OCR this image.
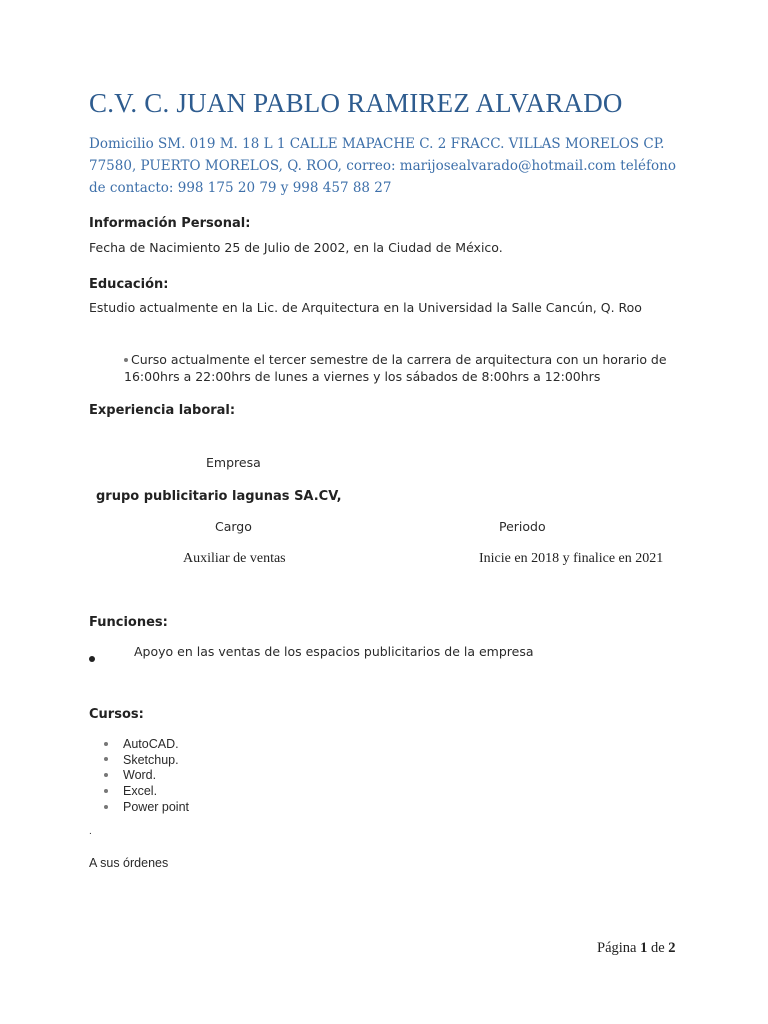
C.V. C. JUAN PABLO RAMIREZ ALVARADO
Domicilio SM. 019 M. 18 L 1 CALLE MAPACHE C. 2 FRACC. VILLAS MORELOS CP. 77580, PUERTO MORELOS, Q. ROO, correo: marijosealvarado@hotmail.com teléfono de contacto: 998 175 20 79 y 998 457 88 27
Información Personal:
Fecha de Nacimiento 25 de Julio de 2002, en la Ciudad de México.
Educación:
Estudio actualmente en la Lic. de Arquitectura en la Universidad la Salle Cancún, Q. Roo
Curso actualmente el tercer semestre de la carrera de arquitectura con un horario de 16:00hrs a 22:00hrs de lunes a viernes y los sábados de 8:00hrs a 12:00hrs
Experiencia laboral:
Empresa
grupo publicitario lagunas SA.CV,
Cargo	Periodo
Auxiliar de ventas	Inicie en 2018 y finalice en 2021
Funciones:
Apoyo en las ventas de los espacios publicitarios de la empresa
Cursos:
AutoCAD.
Sketchup.
Word.
Excel.
Power point
.
A sus órdenes
Página 1 de 2
